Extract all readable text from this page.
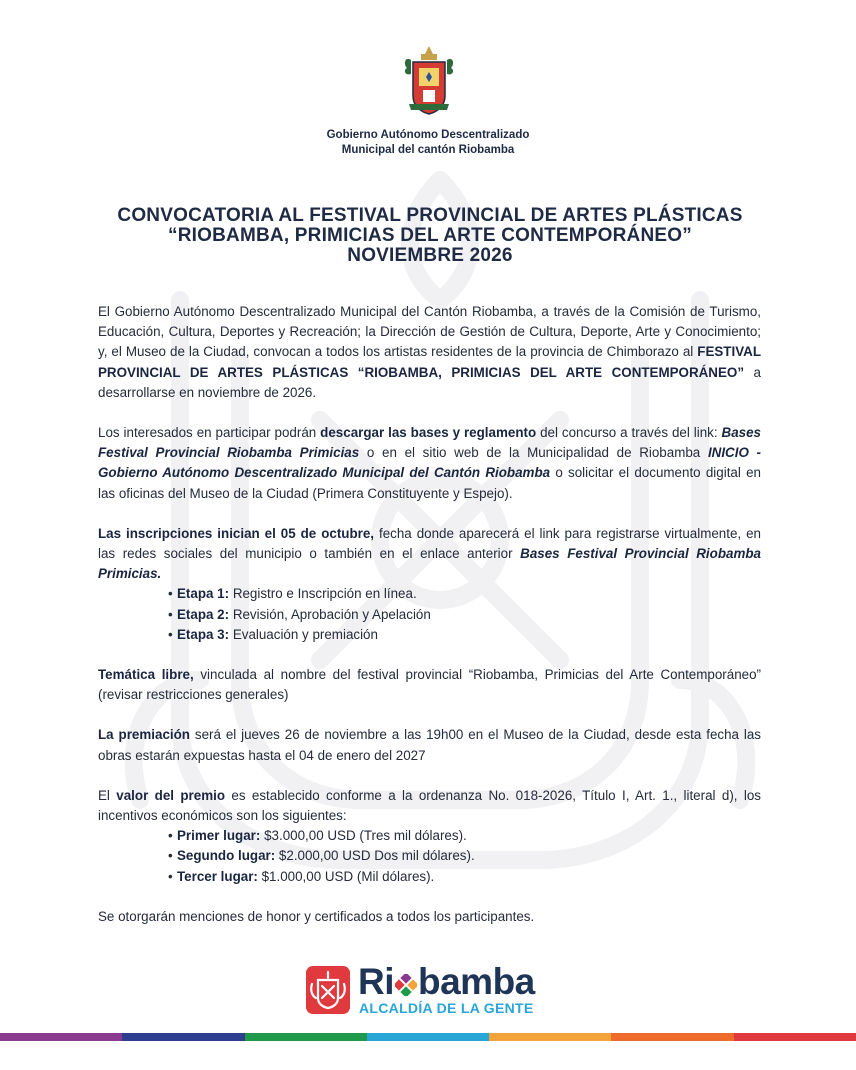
Gobierno Autónomo Descentralizado
Municipal del cantón Riobamba
CONVOCATORIA AL FESTIVAL PROVINCIAL DE ARTES PLÁSTICAS
“RIOBAMBA, PRIMICIAS DEL ARTE CONTEMPORÁNEO”
NOVIEMBRE 2026

El Gobierno Autónomo Descentralizado Municipal del Cantón Riobamba, a través de la Comisión de Turismo, Educación, Cultura, Deportes y Recreación; la Dirección de Gestión de Cultura, Deporte, Arte y Conocimiento; y, el Museo de la Ciudad, convocan a todos los artistas residentes de la provincia de Chimborazo al FESTIVAL PROVINCIAL DE ARTES PLÁSTICAS “RIOBAMBA, PRIMICIAS DEL ARTE CONTEMPORÁNEO” a desarrollarse en noviembre de 2026.

Los interesados en participar podrán descargar las bases y reglamento del concurso a través del link: Bases Festival Provincial Riobamba Primicias o en el sitio web de la Municipalidad de Riobamba INICIO - Gobierno Autónomo Descentralizado Municipal del Cantón Riobamba o solicitar el documento digital en las oficinas del Museo de la Ciudad (Primera Constituyente y Espejo).

Las inscripciones inician el 05 de octubre, fecha donde aparecerá el link para registrarse virtualmente, en las redes sociales del municipio o también en el enlace anterior Bases Festival Provincial Riobamba Primicias.

• Etapa 1: Registro e Inscripción en línea.
• Etapa 2: Revisión, Aprobación y Apelación
• Etapa 3: Evaluación y premiación

Temática libre, vinculada al nombre del festival provincial “Riobamba, Primicias del Arte Contemporáneo” (revisar restricciones generales)

La premiación será el jueves 26 de noviembre a las 19h00 en el Museo de la Ciudad, desde esta fecha las obras estarán expuestas hasta el 04 de enero del 2027

El valor del premio es establecido conforme a la ordenanza No. 018-2026, Título I, Art. 1., literal d), los incentivos económicos son los siguientes:

• Primer lugar: $3.000,00 USD (Tres mil dólares).
• Segundo lugar: $2.000,00 USD Dos mil dólares).
• Tercer lugar: $1.000,00 USD (Mil dólares).

Se otorgarán menciones de honor y certificados a todos los participantes.

Ri bamba
ALCALDÍA DE LA GENTE
